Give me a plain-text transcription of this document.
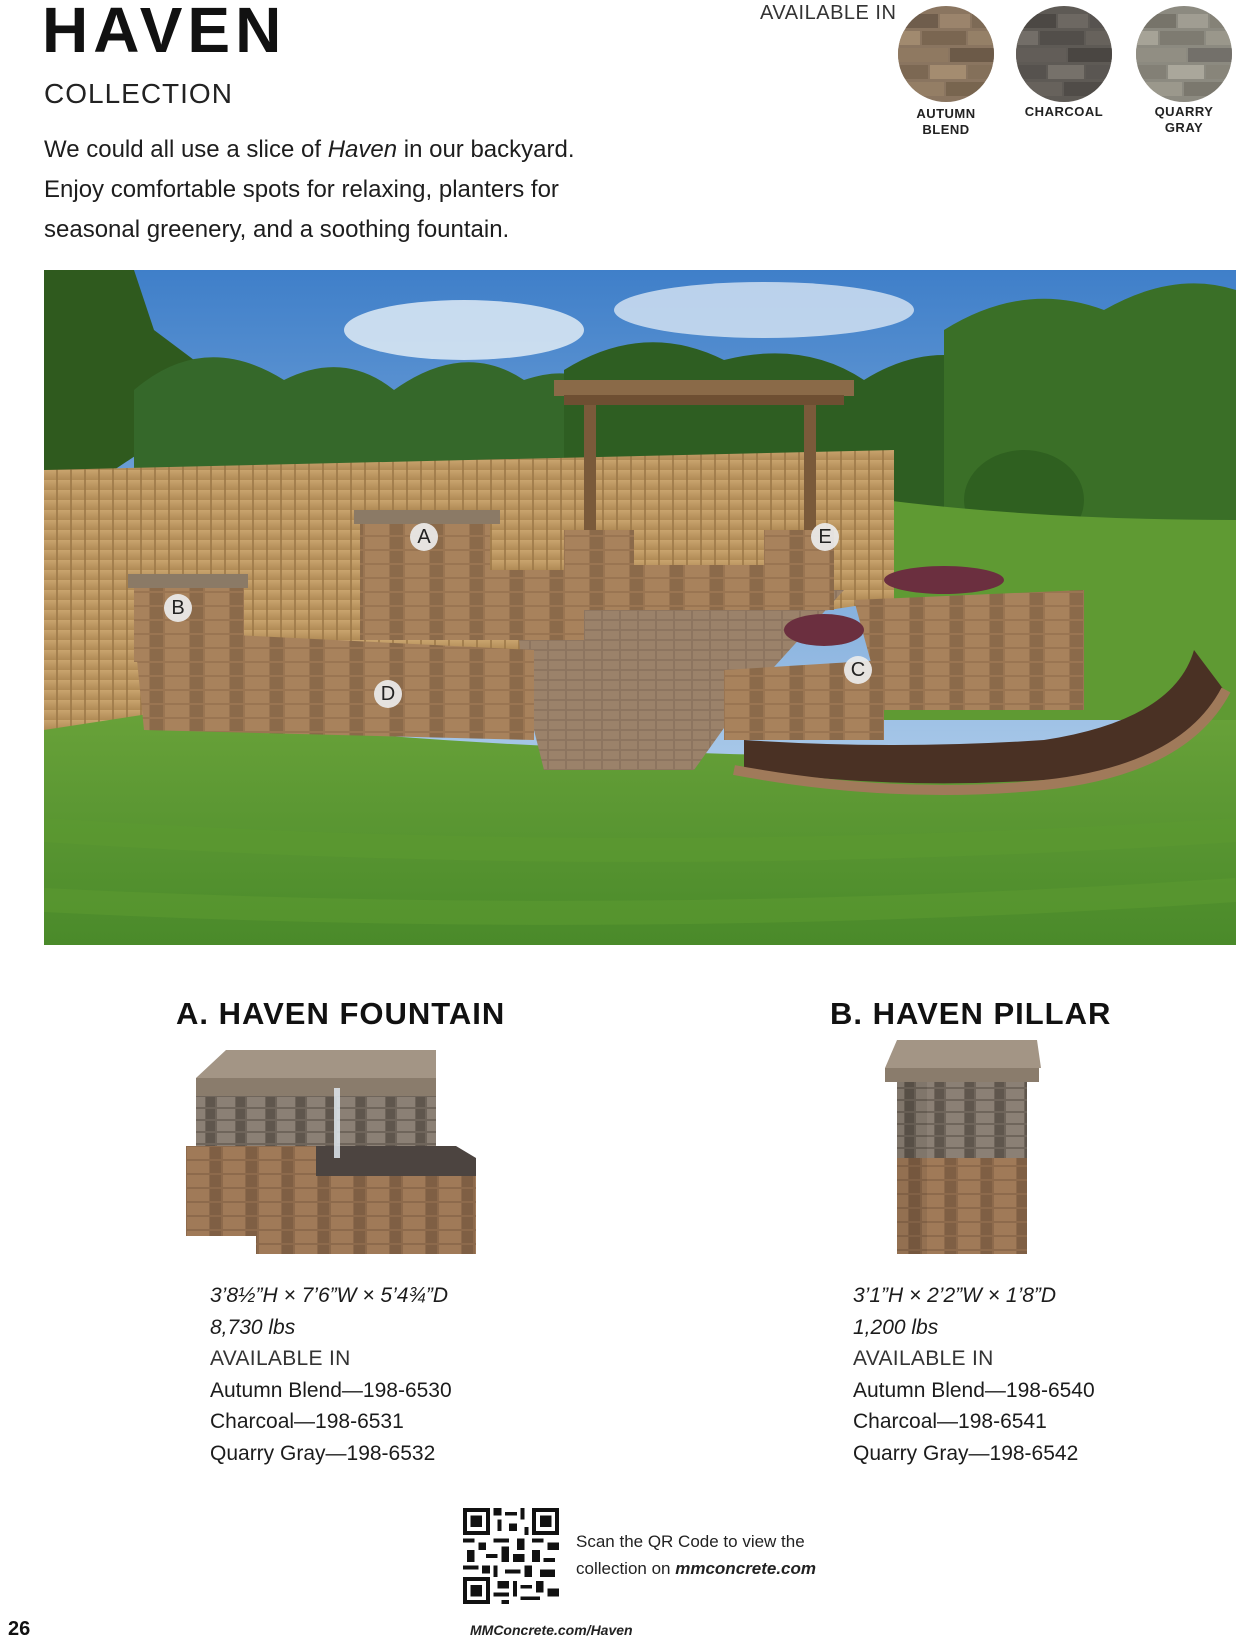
HAVEN
COLLECTION

We could all use a slice of Haven in our backyard. Enjoy comfortable spots for relaxing, planters for seasonal greenery, and a soothing fountain.

AVAILABLE IN
AUTUMN
BLEND
CHARCOAL	QUARRY
GRAY
A
B
C
D
E
A. HAVEN FOUNTAIN
3’8½”H × 7’6”W × 5’4¾”D
8,730 lbs
AVAILABLE IN
Autumn Blend—198-6530
Charcoal—198-6531
Quarry Gray—198-6532
B. HAVEN PILLAR
3’1”H × 2’2”W × 1’8”D
1,200 lbs
AVAILABLE IN
Autumn Blend—198-6540
Charcoal—198-6541
Quarry Gray—198-6542
Scan the QR Code to view the
collection on mmconcrete.com
26	MMConcrete.com/Haven
